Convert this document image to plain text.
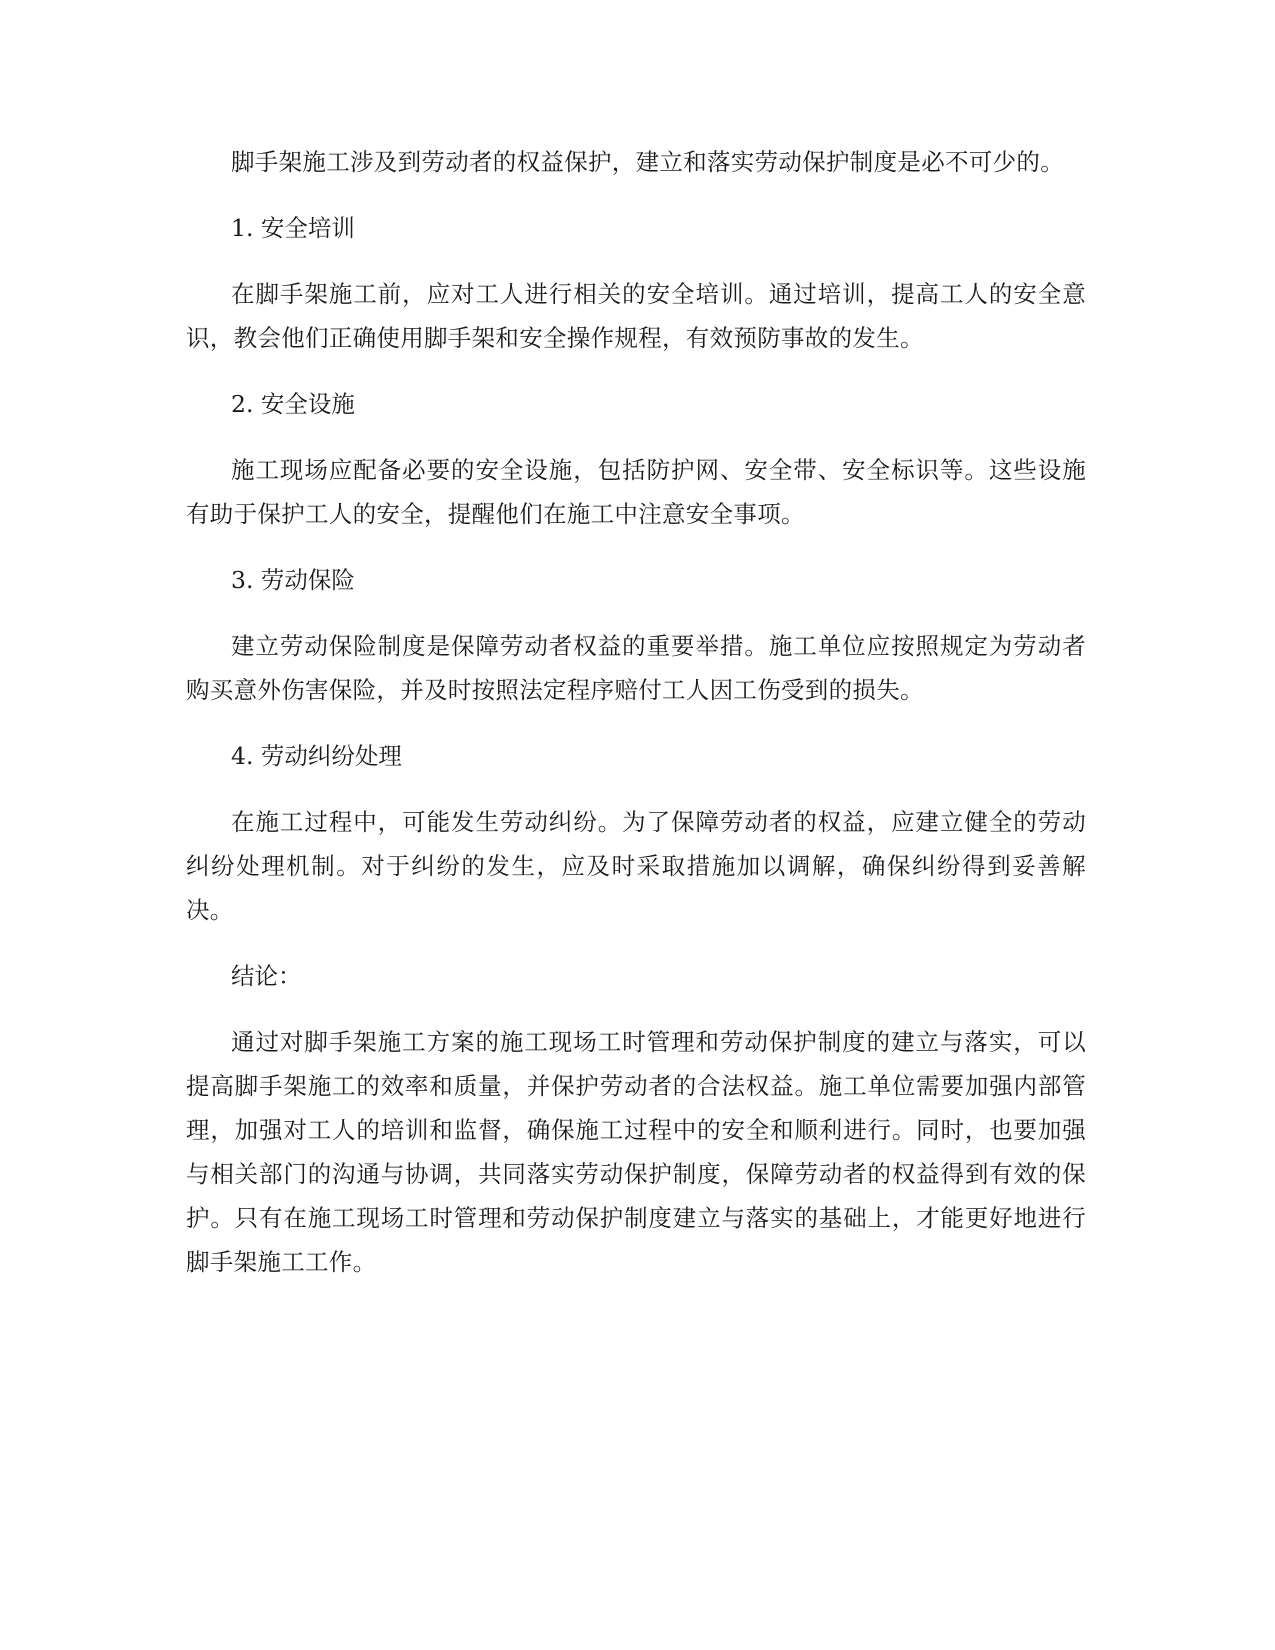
脚手架施工涉及到劳动者的权益保护，建立和落实劳动保护制度是必不可少的。

1. 安全培训

在脚手架施工前，应对工人进行相关的安全培训。通过培训，提高工人的安全意识，教会他们正确使用脚手架和安全操作规程，有效预防事故的发生。

2. 安全设施

施工现场应配备必要的安全设施，包括防护网、安全带、安全标识等。这些设施有助于保护工人的安全，提醒他们在施工中注意安全事项。

3. 劳动保险

建立劳动保险制度是保障劳动者权益的重要举措。施工单位应按照规定为劳动者购买意外伤害保险，并及时按照法定程序赔付工人因工伤受到的损失。

4. 劳动纠纷处理

在施工过程中，可能发生劳动纠纷。为了保障劳动者的权益，应建立健全的劳动纠纷处理机制。对于纠纷的发生，应及时采取措施加以调解，确保纠纷得到妥善解决。

结论：

通过对脚手架施工方案的施工现场工时管理和劳动保护制度的建立与落实，可以提高脚手架施工的效率和质量，并保护劳动者的合法权益。施工单位需要加强内部管理，加强对工人的培训和监督，确保施工过程中的安全和顺利进行。同时，也要加强与相关部门的沟通与协调，共同落实劳动保护制度，保障劳动者的权益得到有效的保护。只有在施工现场工时管理和劳动保护制度建立与落实的基础上，才能更好地进行脚手架施工工作。
